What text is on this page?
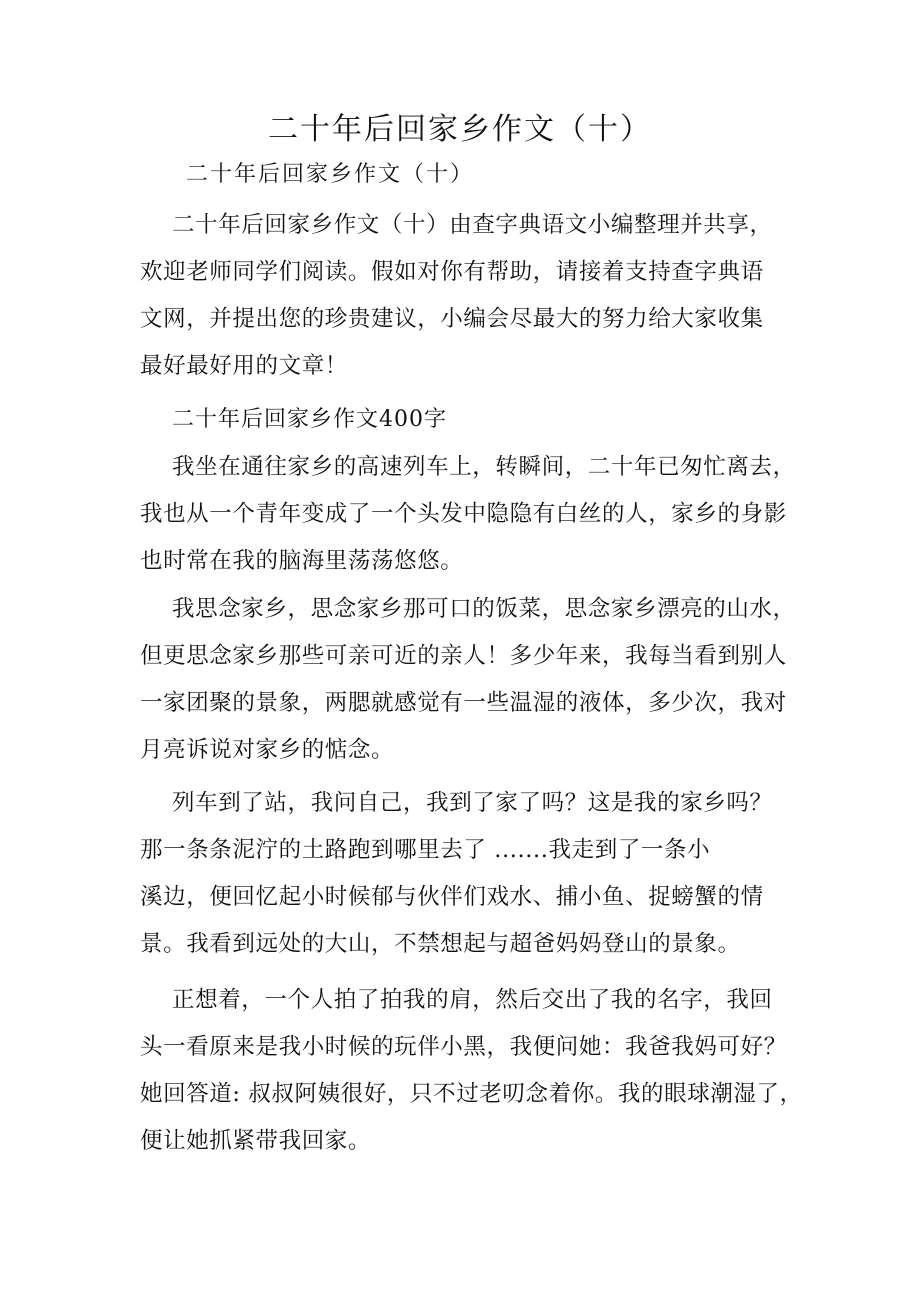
二十年后回家乡作文（十）
二十年后回家乡作文（十）
二十年后回家乡作文（十）由查字典语文小编整理并共享，
欢迎老师同学们阅读。假如对你有帮助，请接着支持查字典语
文网，并提出您的珍贵建议，小编会尽最大的努力给大家收集
最好最好用的文章！
二十年后回家乡作文400字
我坐在通往家乡的高速列车上，转瞬间，二十年已匆忙离去，
我也从一个青年变成了一个头发中隐隐有白丝的人，家乡的身影
也时常在我的脑海里荡荡悠悠。
我思念家乡，思念家乡那可口的饭菜，思念家乡漂亮的山水，
但更思念家乡那些可亲可近的亲人！多少年来，我每当看到别人
一家团聚的景象，两腮就感觉有一些温湿的液体，多少次，我对
月亮诉说对家乡的惦念。
列车到了站，我问自己，我到了家了吗？这是我的家乡吗？
那一条条泥泞的土路跑到哪里去了 .......我走到了一条小
溪边，便回忆起小时候郁与伙伴们戏水、捕小鱼、捉螃蟹的情
景。我看到远处的大山，不禁想起与超爸妈妈登山的景象。
正想着，一个人拍了拍我的肩，然后交出了我的名字，我回
头一看原来是我小时候的玩伴小黑，我便问她：我爸我妈可好？
她回答道: 叔叔阿姨很好，只不过老叨念着你。我的眼球潮湿了，
便让她抓紧带我回家。
